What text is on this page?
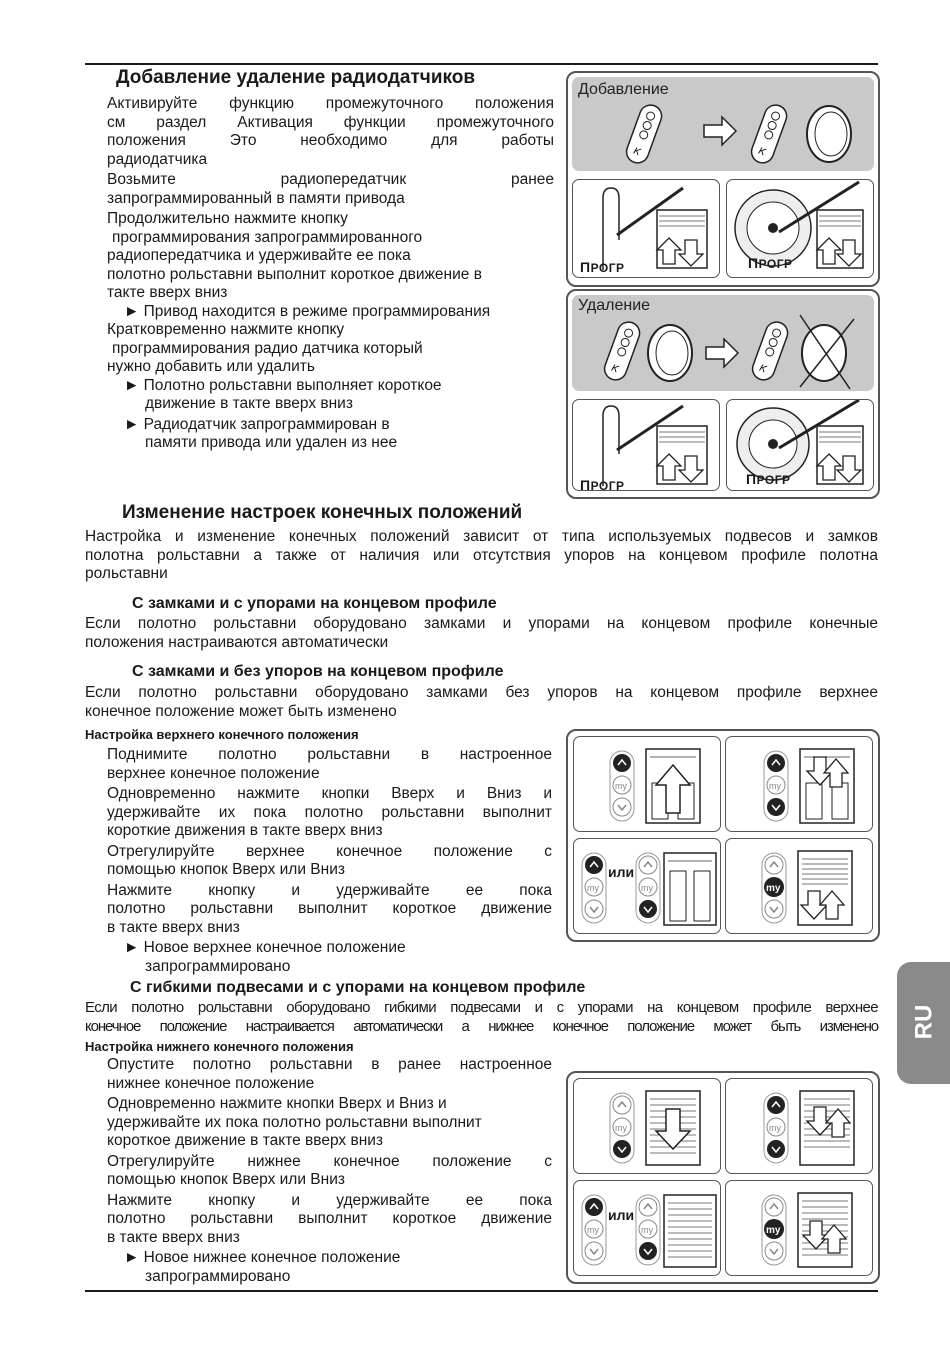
Добавление удаление радиодатчиков
Активируйте функцию промежуточного положения
см раздел Активация функции промежуточного
положения Это необходимо для работы
радиодатчика
Возьмите радиопередатчик ранее
запрограммированный в памяти привода
Продолжительно нажмите кнопку
программирования запрограммированного
радиопередатчика и удерживайте ее пока
полотно рольставни выполнит короткое движение в
такте вверх вниз
► Привод находится в режиме программирования
Кратковременно нажмите кнопку
программирования радио датчика который
нужно добавить или удалить
► Полотно рольставни выполняет короткое
движение в такте вверх вниз
► Радиодатчик запрограммирован в
памяти привода или удален из нее
Добавление
K	K
ПРОГР	ПРОГР
Удаление
K	K
ПРОГР	ПРОГР
Изменение настроек конечных положений
Настройка и изменение конечных положений зависит от типа используемых подвесов и замков
полотна рольставни а также от наличия или отсутствия упоров на концевом профиле полотна
рольставни
С замками и с упорами на концевом профиле
Если полотно рольставни оборудовано замками и упорами на концевом профиле конечные
положения настраиваются автоматически
С замками и без упоров на концевом профиле
Если полотно рольставни оборудовано замками без упоров на концевом профиле верхнее
конечное положение может быть изменено
Настройка верхнего конечного положения
Поднимите полотно рольставни в настроенное
верхнее конечное положение
Одновременно нажмите кнопки Вверх и Вниз и
удерживайте их пока полотно рольставни выполнит
короткие движения в такте вверх вниз
Отрегулируйте верхнее конечное положение с
помощью кнопок Вверх или Вниз
Нажмите кнопку и удерживайте ее пока
полотно рольставни выполнит короткое движение
в такте вверх вниз
► Новое верхнее конечное положение
запрограммировано
my	my
my	my
или
my
С гибкими подвесами и с упорами на концевом профиле
Если полотно рольставни оборудовано гибкими подвесами и с упорами на концевом профиле верхнее
конечное положение настраивается автоматически а нижнее конечное положение может быть изменено
Настройка нижнего конечного положения
Опустите полотно рольставни в ранее настроенное
нижнее конечное положение
Одновременно нажмите кнопки Вверх и Вниз и
удерживайте их пока полотно рольставни выполнит
короткое движение в такте вверх вниз
Отрегулируйте нижнее конечное положение с
помощью кнопок Вверх или Вниз
Нажмите кнопку и удерживайте ее пока
полотно рольставни выполнит короткое движение
в такте вверх вниз
► Новое нижнее конечное положение
запрограммировано
my	my
my	my
или
my
RU
